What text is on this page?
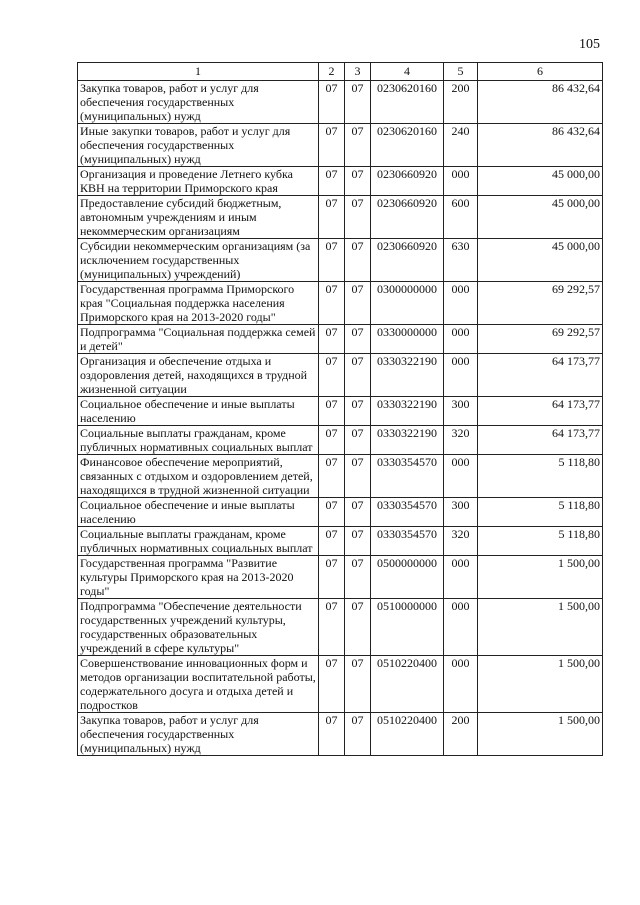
105
1	2	3	4	5	6
Закупка товаров, работ и услуг для обеспечения государственных (муниципальных) нужд	07	07	0230620160	200	86 432,64
Иные закупки товаров, работ и услуг для обеспечения государственных (муниципальных) нужд	07	07	0230620160	240	86 432,64
Организация и проведение Летнего кубка КВН на территории Приморского края	07	07	0230660920	000	45 000,00
Предоставление субсидий бюджетным, автономным учреждениям и иным некоммерческим организациям	07	07	0230660920	600	45 000,00
Субсидии некоммерческим организациям (за исключением государственных (муниципальных) учреждений)	07	07	0230660920	630	45 000,00
Государственная программа Приморского края "Социальная поддержка населения Приморского края на 2013-2020 годы"	07	07	0300000000	000	69 292,57
Подпрограмма "Социальная поддержка семей и детей"	07	07	0330000000	000	69 292,57
Организация и обеспечение отдыха и оздоровления детей, находящихся в трудной жизненной ситуации	07	07	0330322190	000	64 173,77
Социальное обеспечение и иные выплаты населению	07	07	0330322190	300	64 173,77
Социальные выплаты гражданам, кроме публичных нормативных социальных выплат	07	07	0330322190	320	64 173,77
Финансовое обеспечение мероприятий, связанных с отдыхом и оздоровлением детей, находящихся в трудной жизненной ситуации	07	07	0330354570	000	5 118,80
Социальное обеспечение и иные выплаты населению	07	07	0330354570	300	5 118,80
Социальные выплаты гражданам, кроме публичных нормативных социальных выплат	07	07	0330354570	320	5 118,80
Государственная программа "Развитие культуры Приморского края на 2013-2020 годы"	07	07	0500000000	000	1 500,00
Подпрограмма "Обеспечение деятельности государственных учреждений культуры, государственных образовательных учреждений в сфере культуры"	07	07	0510000000	000	1 500,00
Совершенствование инновационных форм и методов организации воспитательной работы, содержательного досуга и отдыха детей и подростков	07	07	0510220400	000	1 500,00
Закупка товаров, работ и услуг для обеспечения государственных (муниципальных) нужд	07	07	0510220400	200	1 500,00
